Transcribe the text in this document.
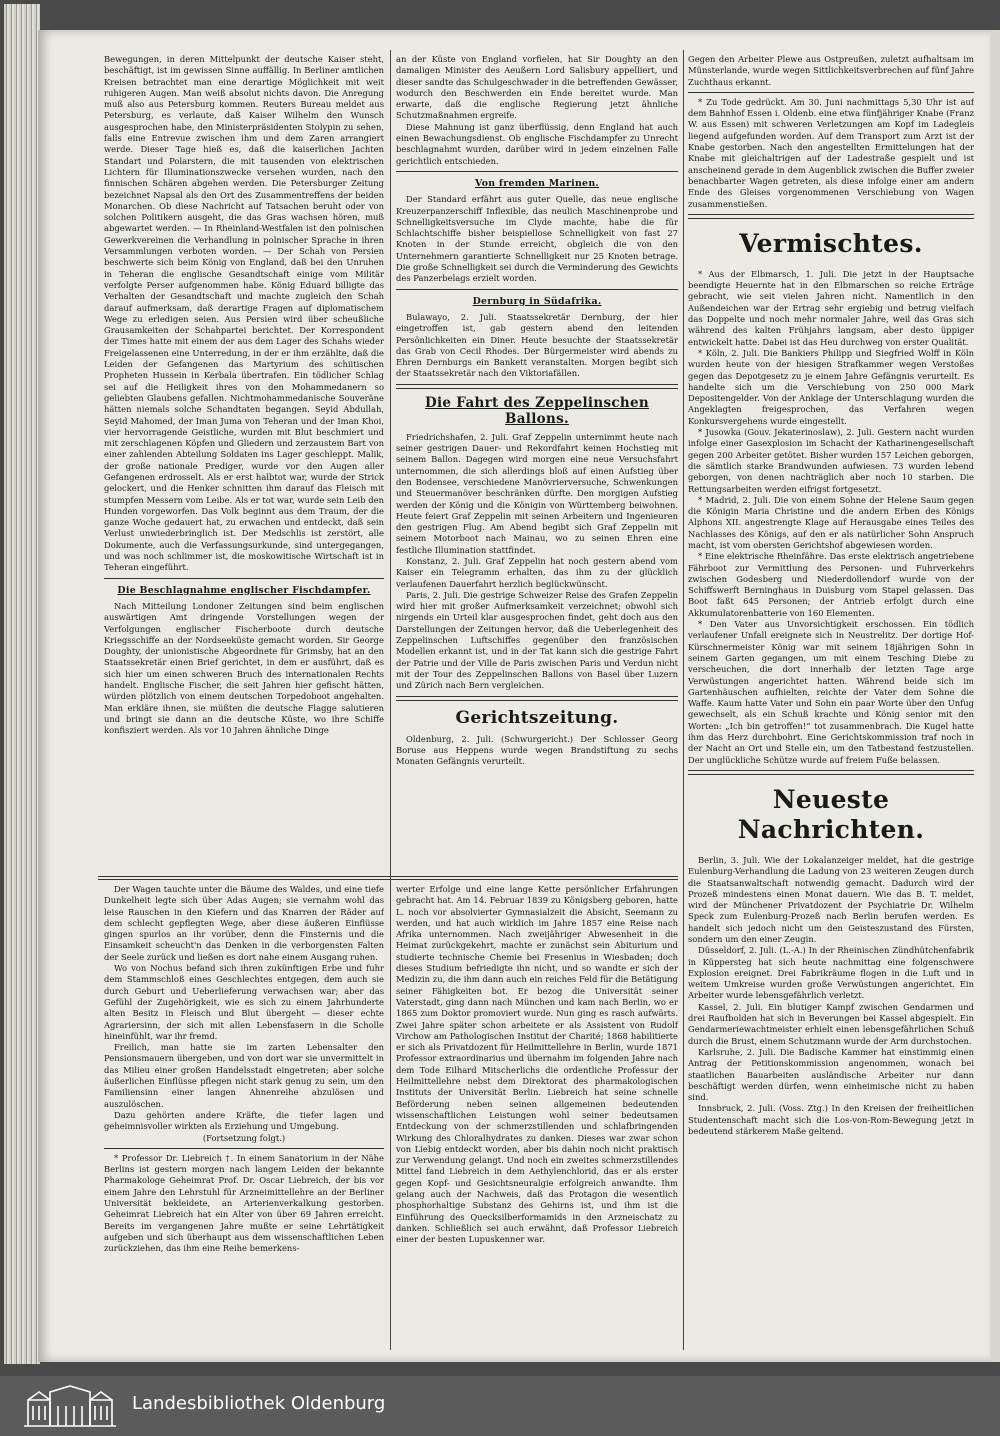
Bewegungen, in deren Mittelpunkt der deutsche Kaiser steht, beschäftigt, ist im gewissen Sinne auffällig. In Berliner amtlichen Kreisen betrachtet man eine derartige Möglichkeit mit weit ruhigeren Augen. Man weiß absolut nichts davon. Die Anregung muß also aus Petersburg kommen. Reuters Bureau meldet aus Petersburg, es verlaute, daß Kaiser Wilhelm den Wunsch ausgesprochen habe, den Ministerpräsidenten Stolypin zu sehen, falls eine Entrevue zwischen ihm und dem Zaren arrangiert werde. Dieser Tage hieß es, daß die kaiserlichen Jachten Standart und Polarstern, die mit tausenden von elektrischen Lichtern für Illuminationszwecke versehen wurden, nach den finnischen Schären abgehen werden. Die Petersburger Zeitung bezeichnet Napsal als den Ort des Zusammentreffens der beiden Monarchen. Ob diese Nachricht auf Tatsachen beruht oder von solchen Politikern ausgeht, die das Gras wachsen hören, muß abgewartet werden. — In Rheinland-Westfalen ist den polnischen Gewerkvereinen die Verhandlung in polnischer Sprache in ihren Versammlungen verboten worden. — Der Schah von Persien beschwerte sich beim König von England, daß bei den Unruhen in Teheran die englische Gesandtschaft einige vom Militär verfolgte Perser aufgenommen habe. König Eduard billigte das Verhalten der Gesandtschaft und machte zugleich den Schah darauf aufmerksam, daß derartige Fragen auf diplomatischem Wege zu erledigen seien. Aus Persien wird über scheußliche Grausamkeiten der Schahpartei berichtet. Der Korrespondent der Times hatte mit einem der aus dem Lager des Schahs wieder Freigelassenen eine Unterredung, in der er ihm erzählte, daß die Leiden der Gefangenen das Martyrium des schiitischen Propheten Hussein in Kerbala übertrafen. Ein tödlicher Schlag sei auf die Heiligkeit ihres von den Mohammedanern so geliebten Glaubens gefallen. Nichtmohammedanische Souveräne hätten niemals solche Schandtaten begangen. Seyid Abdullah, Seyid Mahomed, der Iman Juma von Teheran und der Iman Khoi, vier hervorragende Geistliche, wurden mit Blut beschmiert und mit zerschlagenen Köpfen und Gliedern und zerzaustem Bart von einer zahlenden Abteilung Soldaten ins Lager geschleppt. Malik, der große nationale Prediger, wurde vor den Augen aller Gefangenen erdrosselt. Als er erst halbtot war, wurde der Strick gelockert, und die Henker schnitten ihm darauf das Fleisch mit stumpfen Messern vom Leibe. Als er tot war, wurde sein Leib den Hunden vorgeworfen. Das Volk beginnt aus dem Traum, der die ganze Woche gedauert hat, zu erwachen und entdeckt, daß sein Verlust unwiederbringlich ist. Der Medschlis ist zerstört, alle Dokumente, auch die Verfassungsurkunde, sind untergegangen, und was noch schlimmer ist, die moskowitische Wirtschaft ist in Teheran eingeführt.

Die Beschlagnahme englischer Fischdampfer.

Nach Mitteilung Londoner Zeitungen sind beim englischen auswärtigen Amt dringende Vorstellungen wegen der Verfolgungen englischer Fischerboote durch deutsche Kriegsschiffe an der Nordseeküste gemacht worden. Sir George Doughty, der unionistische Abgeordnete für Grimsby, hat an den Staatssekretär einen Brief gerichtet, in dem er ausführt, daß es sich hier um einen schweren Bruch des internationalen Rechts handelt. Englische Fischer, die seit Jahren hier gefischt hätten, würden plötzlich von einem deutschen Torpedoboot angehalten. Man erkläre ihnen, sie müßten die deutsche Flagge salutieren und bringt sie dann an die deutsche Küste, wo ihre Schiffe konfisziert werden. Als vor 10 Jahren ähnliche Dinge

an der Küste von England vorfielen, hat Sir Doughty an den damaligen Minister des Aeußern Lord Salisbury appelliert, und dieser sandte das Schulgeschwader in die betreffenden Gewässer, wodurch den Beschwerden ein Ende bereitet wurde. Man erwarte, daß die englische Regierung jetzt ähnliche Schutzmaßnahmen ergreife.

Diese Mahnung ist ganz überflüssig, denn England hat auch einen Bewachungsdienst. Ob englische Fischdampfer zu Unrecht beschlagnahmt wurden, darüber wird in jedem einzelnen Falle gerichtlich entschieden.

Von fremden Marinen.

Der Standard erfährt aus guter Quelle, das neue englische Kreuzerpanzerschiff Inflexible, das neulich Maschinenprobe und Schnelligkeitsversuche im Clyde machte, habe die für Schlachtschiffe bisher beispiellose Schnelligkeit von fast 27 Knoten in der Stunde erreicht, obgleich die von den Unternehmern garantierte Schnelligkeit nur 25 Knoten betrage. Die große Schnelligkeit sei durch die Verminderung des Gewichts des Panzerbelags erzielt worden.

Dernburg in Südafrika.

Bulawayo, 2. Juli. Staatssekretär Dernburg, der hier eingetroffen ist, gab gestern abend den leitenden Persönlichkeiten ein Diner. Heute besuchte der Staatssekretär das Grab von Cecil Rhodes. Der Bürgermeister wird abends zu Ehren Dernburgs ein Bankett veranstalten. Morgen begibt sich der Staatssekretär nach den Viktoriafällen.

Die Fahrt des Zeppelinschen Ballons.

Friedrichshafen, 2. Juli. Graf Zeppelin unternimmt heute nach seiner gestrigen Dauer- und Rekordfahrt keinen Hochstieg mit seinem Ballon. Dagegen wird morgen eine neue Versuchsfahrt unternommen, die sich allerdings bloß auf einen Aufstieg über den Bodensee, verschiedene Manövrierversuche, Schwenkungen und Steuermanöver beschränken dürfte. Den morgigen Aufstieg werden der König und die Königin von Württemberg beiwohnen. Heute feiert Graf Zeppelin mit seinen Arbeitern und Ingenieuren den gestrigen Flug. Am Abend begibt sich Graf Zeppelin mit seinem Motorboot nach Mainau, wo zu seinen Ehren eine festliche Illumination stattfindet.

Konstanz, 2. Juli. Graf Zeppelin hat noch gestern abend vom Kaiser ein Telegramm erhalten, das ihm zu der glücklich verlaufenen Dauerfahrt herzlich beglückwünscht.

Paris, 2. Juli. Die gestrige Schweizer Reise des Grafen Zeppelin wird hier mit großer Aufmerksamkeit verzeichnet; obwohl sich nirgends ein Urteil klar ausgesprochen findet, geht doch aus den Darstellungen der Zeitungen hervor, daß die Ueberlegenheit des Zeppelinschen Luftschiffes gegenüber den französischen Modellen erkannt ist, und in der Tat kann sich die gestrige Fahrt der Patrie und der Ville de Paris zwischen Paris und Verdun nicht mit der Tour des Zeppelinschen Ballons von Basel über Luzern und Zürich nach Bern vergleichen.

Gerichtszeitung.

Oldenburg, 2. Juli. (Schwurgericht.) Der Schlosser Georg Boruse aus Heppens wurde wegen Brandstiftung zu sechs Monaten Gefängnis verurteilt.

Gegen den Arbeiter Plewe aus Ostpreußen, zuletzt aufhaltsam im Münsterlande, wurde wegen Sittlichkeitsverbrechen auf fünf Jahre Zuchthaus erkannt.

* Zu Tode gedrückt. Am 30. Juni nachmittags 5,30 Uhr ist auf dem Bahnhof Essen i. Oldenb. eine etwa fünfjähriger Knabe (Franz W. aus Essen) mit schweren Verletzungen am Kopf im Ladegleis liegend aufgefunden worden. Auf dem Transport zum Arzt ist der Knabe gestorben. Nach den angestellten Ermittelungen hat der Knabe mit gleichaltrigen auf der Ladestraße gespielt und ist anscheinend gerade in dem Augenblick zwischen die Buffer zweier benachbarter Wagen getreten, als diese infolge einer am andern Ende des Gleises vorgenommenen Verschiebung von Wagen zusammenstießen.

Vermischtes.

* Aus der Elbmarsch, 1. Juli. Die jetzt in der Hauptsache beendigte Heuernte hat in den Elbmarschen so reiche Erträge gebracht, wie seit vielen Jahren nicht. Namentlich in den Außendeichen war der Ertrag sehr ergiebig und betrug vielfach das Doppelte und noch mehr normaler Jahre, weil das Gras sich während des kalten Frühjahrs langsam, aber desto üppiger entwickelt hatte. Dabei ist das Heu durchweg von erster Qualität.

* Köln, 2. Juli. Die Bankiers Philipp und Siegfried Wolff in Köln wurden heute von der hiesigen Strafkammer wegen Verstoßes gegen das Depotgesetz zu je einem Jahre Gefängnis verurteilt. Es handelte sich um die Verschiebung von 250 000 Mark Depositengelder. Von der Anklage der Unterschlagung wurden die Angeklagten freigesprochen, das Verfahren wegen Konkursvergehens wurde eingestellt.

* Jusowka (Gouv. Jekaterinoslaw), 2. Juli. Gestern nacht wurden infolge einer Gasexplosion im Schacht der Katharinengesellschaft gegen 200 Arbeiter getötet. Bisher wurden 157 Leichen geborgen, die sämtlich starke Brandwunden aufwiesen. 73 wurden lebend geborgen, von denen nachträglich aber noch 10 starben. Die Rettungsarbeiten werden eifrigst fortgesetzt.

* Madrid, 2. Juli. Die von einem Sohne der Helene Saum gegen die Königin Maria Christine und die andern Erben des Königs Alphons XII. angestrengte Klage auf Herausgabe eines Teiles des Nachlasses des Königs, auf den er als natürlicher Sohn Anspruch macht, ist vom obersten Gerichtshof abgewiesen worden.

* Eine elektrische Rheinfähre. Das erste elektrisch angetriebene Fährboot zur Vermittlung des Personen- und Fuhrverkehrs zwischen Godesberg und Niederdollendorf wurde von der Schiffswerft Berninghaus in Duisburg vom Stapel gelassen. Das Boot faßt 645 Personen; der Antrieb erfolgt durch eine Akkumulatorenbatterie von 160 Elementen.

* Den Vater aus Unvorsichtigkeit erschossen. Ein tödlich verlaufener Unfall ereignete sich in Neustrelitz. Der dortige Hof-Kürschnermeister König war mit seinem 18jährigen Sohn in seinem Garten gegangen, um mit einem Tesching Diebe zu verscheuchen, die dort innerhalb der letzten Tage arge Verwüstungen angerichtet hatten. Während beide sich im Gartenhäuschen aufhielten, reichte der Vater dem Sohne die Waffe. Kaum hatte Vater und Sohn ein paar Worte über den Unfug gewechselt, als ein Schuß krachte und König senior mit den Worten: „Ich bin getroffen!“ tot zusammenbrach. Die Kugel hatte ihm das Herz durchbohrt. Eine Gerichtskommission traf noch in der Nacht an Ort und Stelle ein, um den Tatbestand festzustellen. Der unglückliche Schütze wurde auf freiem Fuße belassen.

Neueste Nachrichten.

Berlin, 3. Juli. Wie der Lokalanzeiger meldet, hat die gestrige Eulenburg-Verhandlung die Ladung von 23 weiteren Zeugen durch die Staatsanwaltschaft notwendig gemacht. Dadurch wird der Prozeß mindestens einen Monat dauern. Wie das B. T. meldet, wird der Münchener Privatdozent der Psychiatrie Dr. Wilhelm Speck zum Eulenburg-Prozeß nach Berlin berufen werden. Es handelt sich jedoch nicht um den Geisteszustand des Fürsten, sondern um den einer Zeugin.

Düsseldorf, 2. Juli. (L.-A.) In der Rheinischen Zündhütchenfabrik in Küppersteg hat sich heute nachmittag eine folgenschwere Explosion ereignet. Drei Fabrikräume flogen in die Luft und in weitem Umkreise wurden große Verwüstungen angerichtet. Ein Arbeiter wurde lebensgefährlich verletzt.

Kassel, 2. Juli. Ein blutiger Kampf zwischen Gendarmen und drei Raufbolden hat sich in Beverungen bei Kassel abgespielt. Ein Gendarmeriewachtmeister erhielt einen lebensgefährlichen Schuß durch die Brust, einem Schutzmann wurde der Arm durchstochen.

Karlsruhe, 2. Juli. Die Badische Kammer hat einstimmig einen Antrag der Petitionskommission angenommen, wonach bei staatlichen Bauarbeiten ausländische Arbeiter nur dann beschäftigt werden dürfen, wenn einheimische nicht zu haben sind.

Innsbruck, 2. Juli. (Voss. Ztg.) In den Kreisen der freiheitlichen Studentenschaft macht sich die Los-von-Rom-Bewegung jetzt in bedeutend stärkerem Maße geltend.

Der Wagen tauchte unter die Bäume des Waldes, und eine tiefe Dunkelheit legte sich über Adas Augen; sie vernahm wohl das leise Rauschen in den Kiefern und das Knarren der Räder auf dem schlecht gepflegten Wege, aber diese äußeren Einflüsse gingen spurlos an ihr vorüber, denn die Finsternis und die Einsamkeit scheucht'n das Denken in die verborgensten Falten der Seele zurück und ließen es dort nahe einem Ausgang ruhen.

Wo von Nochus befand sich ihren zukünftigen Erbe und fuhr dem Stammschloß eines Geschlechtes entgegen, dem auch sie durch Geburt und Ueberlieferung verwachsen war; aber das Gefühl der Zugehörigkeit, wie es sich zu einem Jahrhunderte alten Besitz in Fleisch und Blut übergeht — dieser echte Agrariersinn, der sich mit allen Lebensfasern in die Scholle hineinfühlt, war ihr fremd.

Freilich, man hatte sie im zarten Lebensalter den Pensionsmauern übergeben, und von dort war sie unvermittelt in das Milieu einer großen Handelsstadt eingetreten; aber solche äußerlichen Einflüsse pflegen nicht stark genug zu sein, um den Familiensinn einer langen Ahnenreihe abzulösen und auszulöschen.

Dazu gehörten andere Kräfte, die tiefer lagen und geheimnisvoller wirkten als Erziehung und Umgebung.

(Fortsetzung folgt.)

* Professor Dr. Liebreich †. In einem Sanatorium in der Nähe Berlins ist gestern morgen nach langem Leiden der bekannte Pharmakologe Geheimrat Prof. Dr. Oscar Liebreich, der bis vor einem Jahre den Lehrstuhl für Arzneimittellehre an der Berliner Universität bekleidete, an Arterienverkalkung gestorben. Geheimrat Liebreich hat ein Alter von über 69 Jahren erreicht. Bereits im vergangenen Jahre mußte er seine Lehrtätigkeit aufgeben und sich überhaupt aus dem wissenschaftlichen Leben zurückziehen, das ihm eine Reihe bemerkens-

werter Erfolge und eine lange Kette persönlicher Erfahrungen gebracht hat. Am 14. Februar 1839 zu Königsberg geboren, hatte L. noch vor absolvierter Gymnasialzeit die Absicht, Seemann zu werden, und hat auch wirklich im Jahre 1857 eine Reise nach Afrika unternommen. Nach zweijähriger Abwesenheit in die Heimat zurückgekehrt, machte er zunächst sein Abiturium und studierte technische Chemie bei Fresenius in Wiesbaden; doch dieses Studium befriedigte ihn nicht, und so wandte er sich der Medizin zu, die ihm dann auch ein reiches Feld für die Betätigung seiner Fähigkeiten bot. Er bezog die Universität seiner Vaterstadt, ging dann nach München und kam nach Berlin, wo er 1865 zum Doktor promoviert wurde. Nun ging es rasch aufwärts. Zwei Jahre später schon arbeitete er als Assistent von Rudolf Virchow am Pathologischen Institut der Charité; 1868 habilitierte er sich als Privatdozent für Heilmittellehre in Berlin, wurde 1871 Professor extraordinarius und übernahm im folgenden Jahre nach dem Tode Eilhard Mitscherlichs die ordentliche Professur der Heilmittellehre nebst dem Direktorat des pharmakologischen Instituts der Universität Berlin. Liebreich hat seine schnelle Beförderung neben seinen allgemeinen bedeutenden wissenschaftlichen Leistungen wohl seiner bedeutsamen Entdeckung von der schmerzstillenden und schlafbringenden Wirkung des Chloralhydrates zu danken. Dieses war zwar schon von Liebig entdeckt worden, aber bis dahin noch nicht praktisch zur Verwendung gelangt. Und noch ein zweites schmerzstillendes Mittel fand Liebreich in dem Aethylenchlorid, das er als erster gegen Kopf- und Gesichtsneuralgie erfolgreich anwandte. Ihm gelang auch der Nachweis, daß das Protagon die wesentlich phosphorhaltige Substanz des Gehirns ist, und ihm ist die Einführung des Quecksilberformamids in den Arzneischatz zu danken. Schließlich sei auch erwähnt, daß Professor Liebreich einer der besten Lupuskenner war.

Landesbibliothek Oldenburg
